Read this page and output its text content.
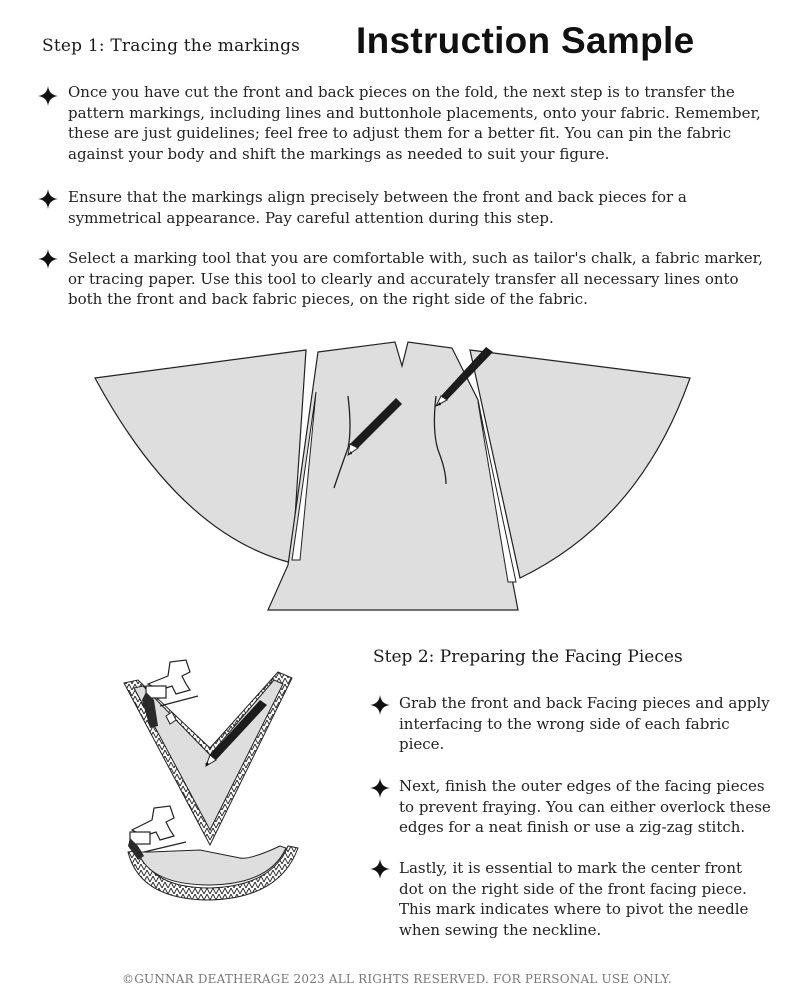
Step 1: Tracing the markings Instruction Sample
Once you have cut the front and back pieces on the fold, the next step is to transfer the pattern markings, including lines and buttonhole placements, onto your fabric. Remember, these are just guidelines; feel free to adjust them for a better fit. You can pin the fabric against your body and shift the markings as needed to suit your figure.
Ensure that the markings align precisely between the front and back pieces for a symmetrical appearance. Pay careful attention during this step.
Select a marking tool that you are comfortable with, such as tailor's chalk, a fabric marker, or tracing paper. Use this tool to clearly and accurately transfer all necessary lines onto both the front and back fabric pieces, on the right side of the fabric.
Step 2: Preparing the Facing Pieces
Grab the front and back Facing pieces and apply interfacing to the wrong side of each fabric piece.
Next, finish the outer edges of the facing pieces to prevent fraying. You can either overlock these edges for a neat finish or use a zig-zag stitch.
Lastly, it is essential to mark the center front dot on the right side of the front facing piece. This mark indicates where to pivot the needle when sewing the neckline.
©GUNNAR DEATHERAGE 2023 ALL RIGHTS RESERVED. FOR PERSONAL USE ONLY.
